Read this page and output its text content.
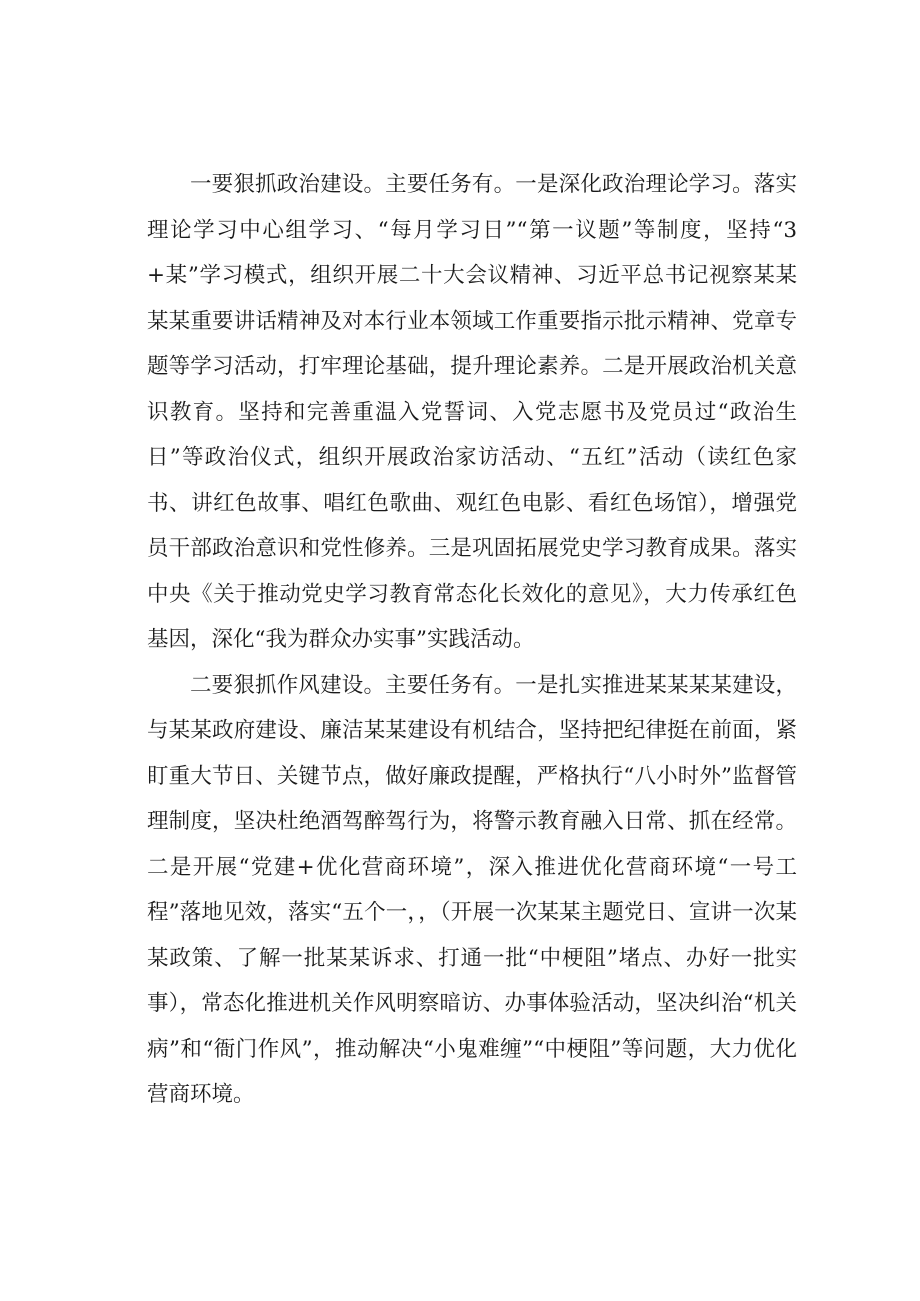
一要狠抓政治建设。主要任务有。一是深化政治理论学习。落实理论学习中心组学习、“每月学习日”“第一议题”等制度，坚持“3+某”学习模式，组织开展二十大会议精神、习近平总书记视察某某某某重要讲话精神及对本行业本领域工作重要指示批示精神、党章专题等学习活动，打牢理论基础，提升理论素养。二是开展政治机关意识教育。坚持和完善重温入党誓词、入党志愿书及党员过“政治生日”等政治仪式，组织开展政治家访活动、“五红”活动（读红色家书、讲红色故事、唱红色歌曲、观红色电影、看红色场馆），增强党员干部政治意识和党性修养。三是巩固拓展党史学习教育成果。落实中央《关于推动党史学习教育常态化长效化的意见》，大力传承红色基因，深化“我为群众办实事”实践活动。

二要狠抓作风建设。主要任务有。一是扎实推进某某某某建设，与某某政府建设、廉洁某某建设有机结合，坚持把纪律挺在前面，紧盯重大节日、关键节点，做好廉政提醒，严格执行“八小时外”监督管理制度，坚决杜绝酒驾醉驾行为，将警示教育融入日常、抓在经常。二是开展“党建+优化营商环境”，深入推进优化营商环境“一号工程”落地见效，落实“五个一，，（开展一次某某主题党日、宣讲一次某某政策、了解一批某某诉求、打通一批“中梗阻”堵点、办好一批实事），常态化推进机关作风明察暗访、办事体验活动，坚决纠治“机关病”和“衙门作风”，推动解决“小鬼难缠”“中梗阻”等问题，大力优化营商环境。
